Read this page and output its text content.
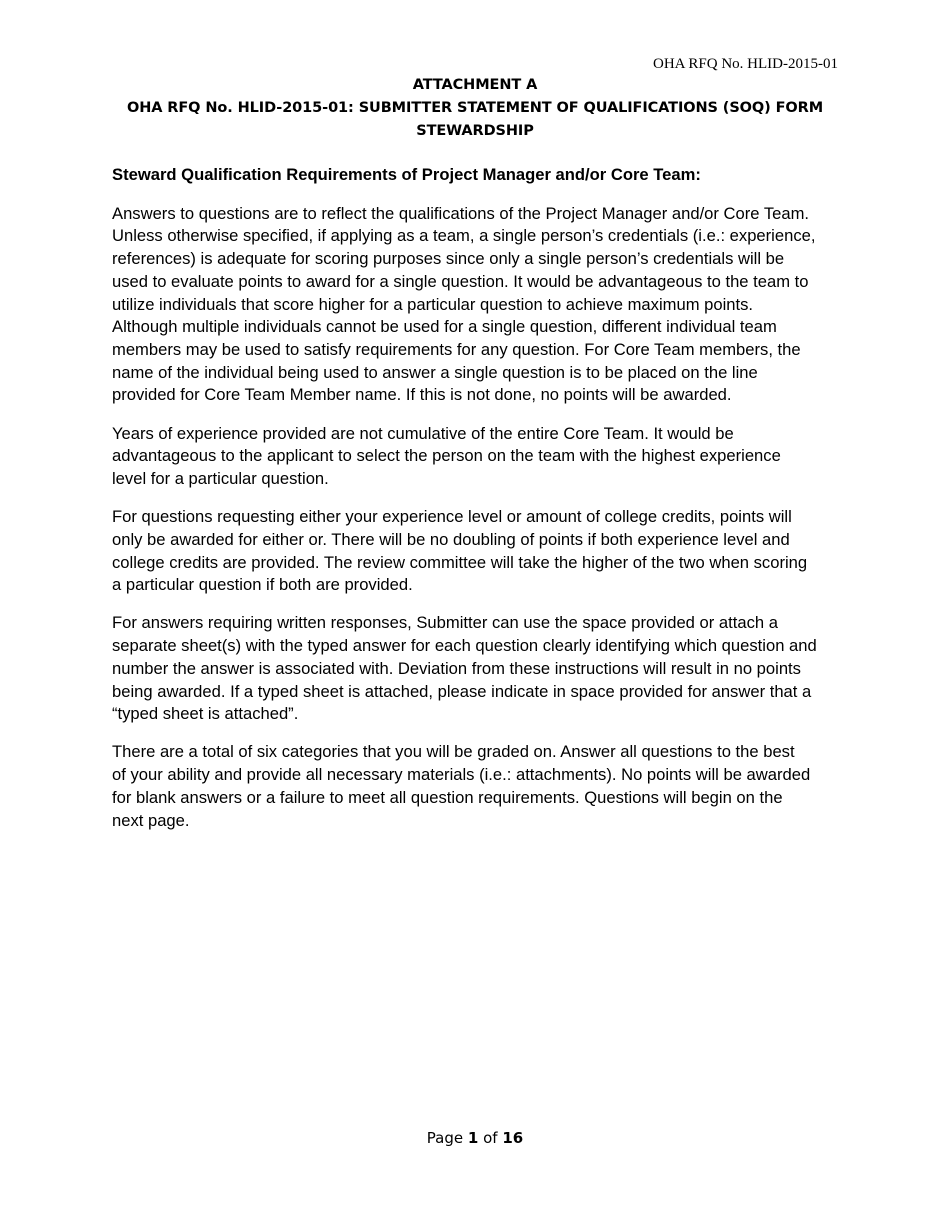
OHA RFQ No. HLID-2015-01
ATTACHMENT A
OHA RFQ No. HLID-2015-01: SUBMITTER STATEMENT OF QUALIFICATIONS (SOQ) FORM
STEWARDSHIP
Steward Qualification Requirements of Project Manager and/or Core Team:

Answers to questions are to reflect the qualifications of the Project Manager and/or Core Team.
Unless otherwise specified, if applying as a team, a single person’s credentials (i.e.: experience,
references) is adequate for scoring purposes since only a single person’s credentials will be
used to evaluate points to award for a single question. It would be advantageous to the team to
utilize individuals that score higher for a particular question to achieve maximum points.
Although multiple individuals cannot be used for a single question, different individual team
members may be used to satisfy requirements for any question. For Core Team members, the
name of the individual being used to answer a single question is to be placed on the line
provided for Core Team Member name. If this is not done, no points will be awarded.

Years of experience provided are not cumulative of the entire Core Team. It would be
advantageous to the applicant to select the person on the team with the highest experience
level for a particular question.

For questions requesting either your experience level or amount of college credits, points will
only be awarded for either or. There will be no doubling of points if both experience level and
college credits are provided. The review committee will take the higher of the two when scoring
a particular question if both are provided.

For answers requiring written responses, Submitter can use the space provided or attach a
separate sheet(s) with the typed answer for each question clearly identifying which question and
number the answer is associated with. Deviation from these instructions will result in no points
being awarded. If a typed sheet is attached, please indicate in space provided for answer that a
“typed sheet is attached”.

There are a total of six categories that you will be graded on. Answer all questions to the best
of your ability and provide all necessary materials (i.e.: attachments). No points will be awarded
for blank answers or a failure to meet all question requirements. Questions will begin on the
next page.

Page 1 of 16
